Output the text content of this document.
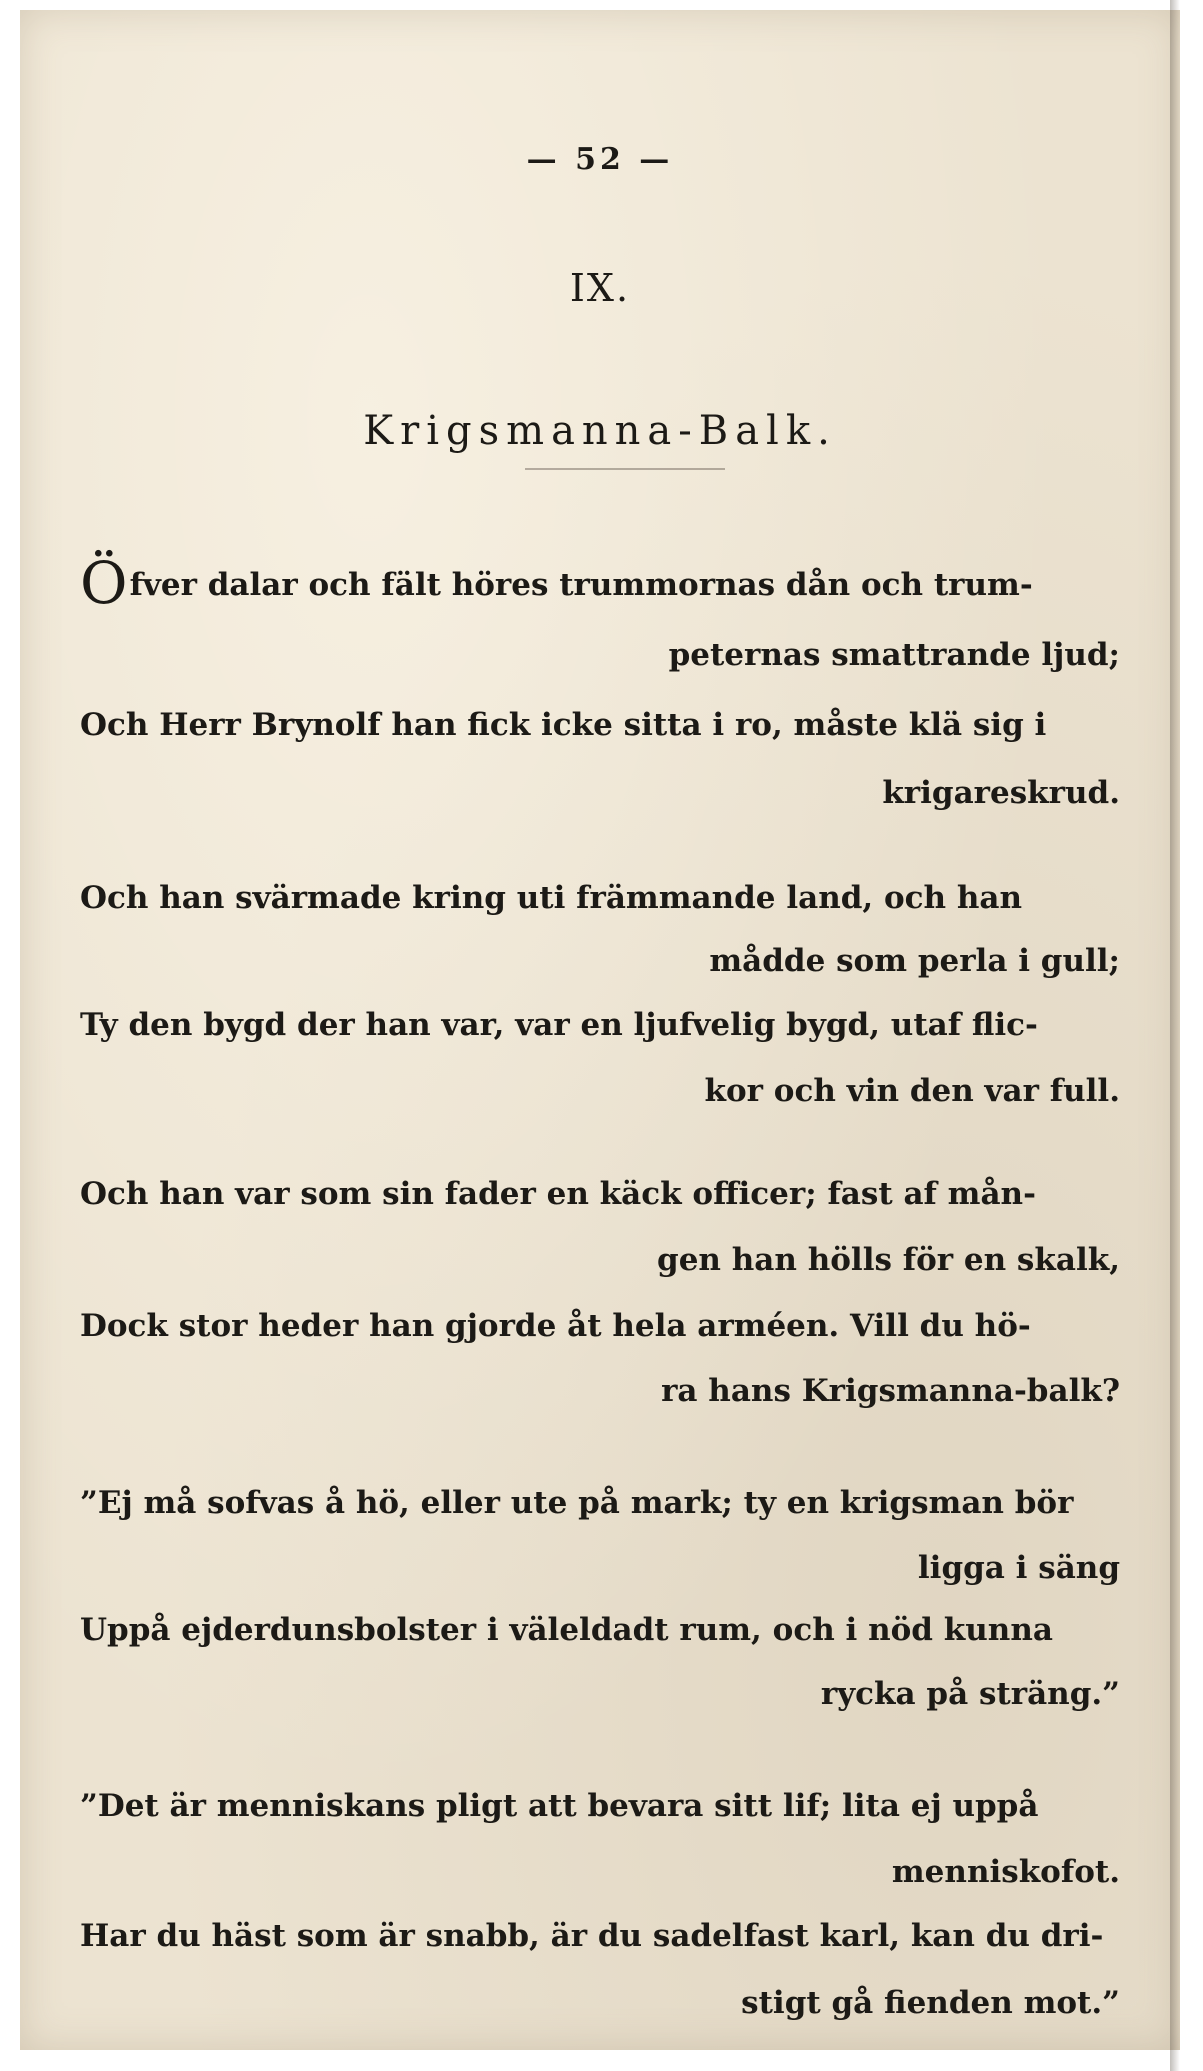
— 52 —
IX.
Krigsmanna-Balk.
Öfver dalar och fält höres trummornas dån och trum-
peternas smattrande ljud;
Och Herr Brynolf han fick icke sitta i ro, måste klä sig i
krigareskrud.
Och han svärmade kring uti främmande land, och han
mådde som perla i gull;
Ty den bygd der han var, var en ljufvelig bygd, utaf flic-
kor och vin den var full.
Och han var som sin fader en käck officer; fast af mån-
gen han hölls för en skalk,
Dock stor heder han gjorde åt hela arméen. Vill du hö-
ra hans Krigsmanna-balk?
”Ej må sofvas å hö, eller ute på mark; ty en krigsman bör
ligga i säng
Uppå ejderdunsbolster i väleldadt rum, och i nöd kunna
rycka på sträng.”
”Det är menniskans pligt att bevara sitt lif; lita ej uppå
menniskofot.
Har du häst som är snabb, är du sadelfast karl, kan du dri-
stigt gå fienden mot.”
